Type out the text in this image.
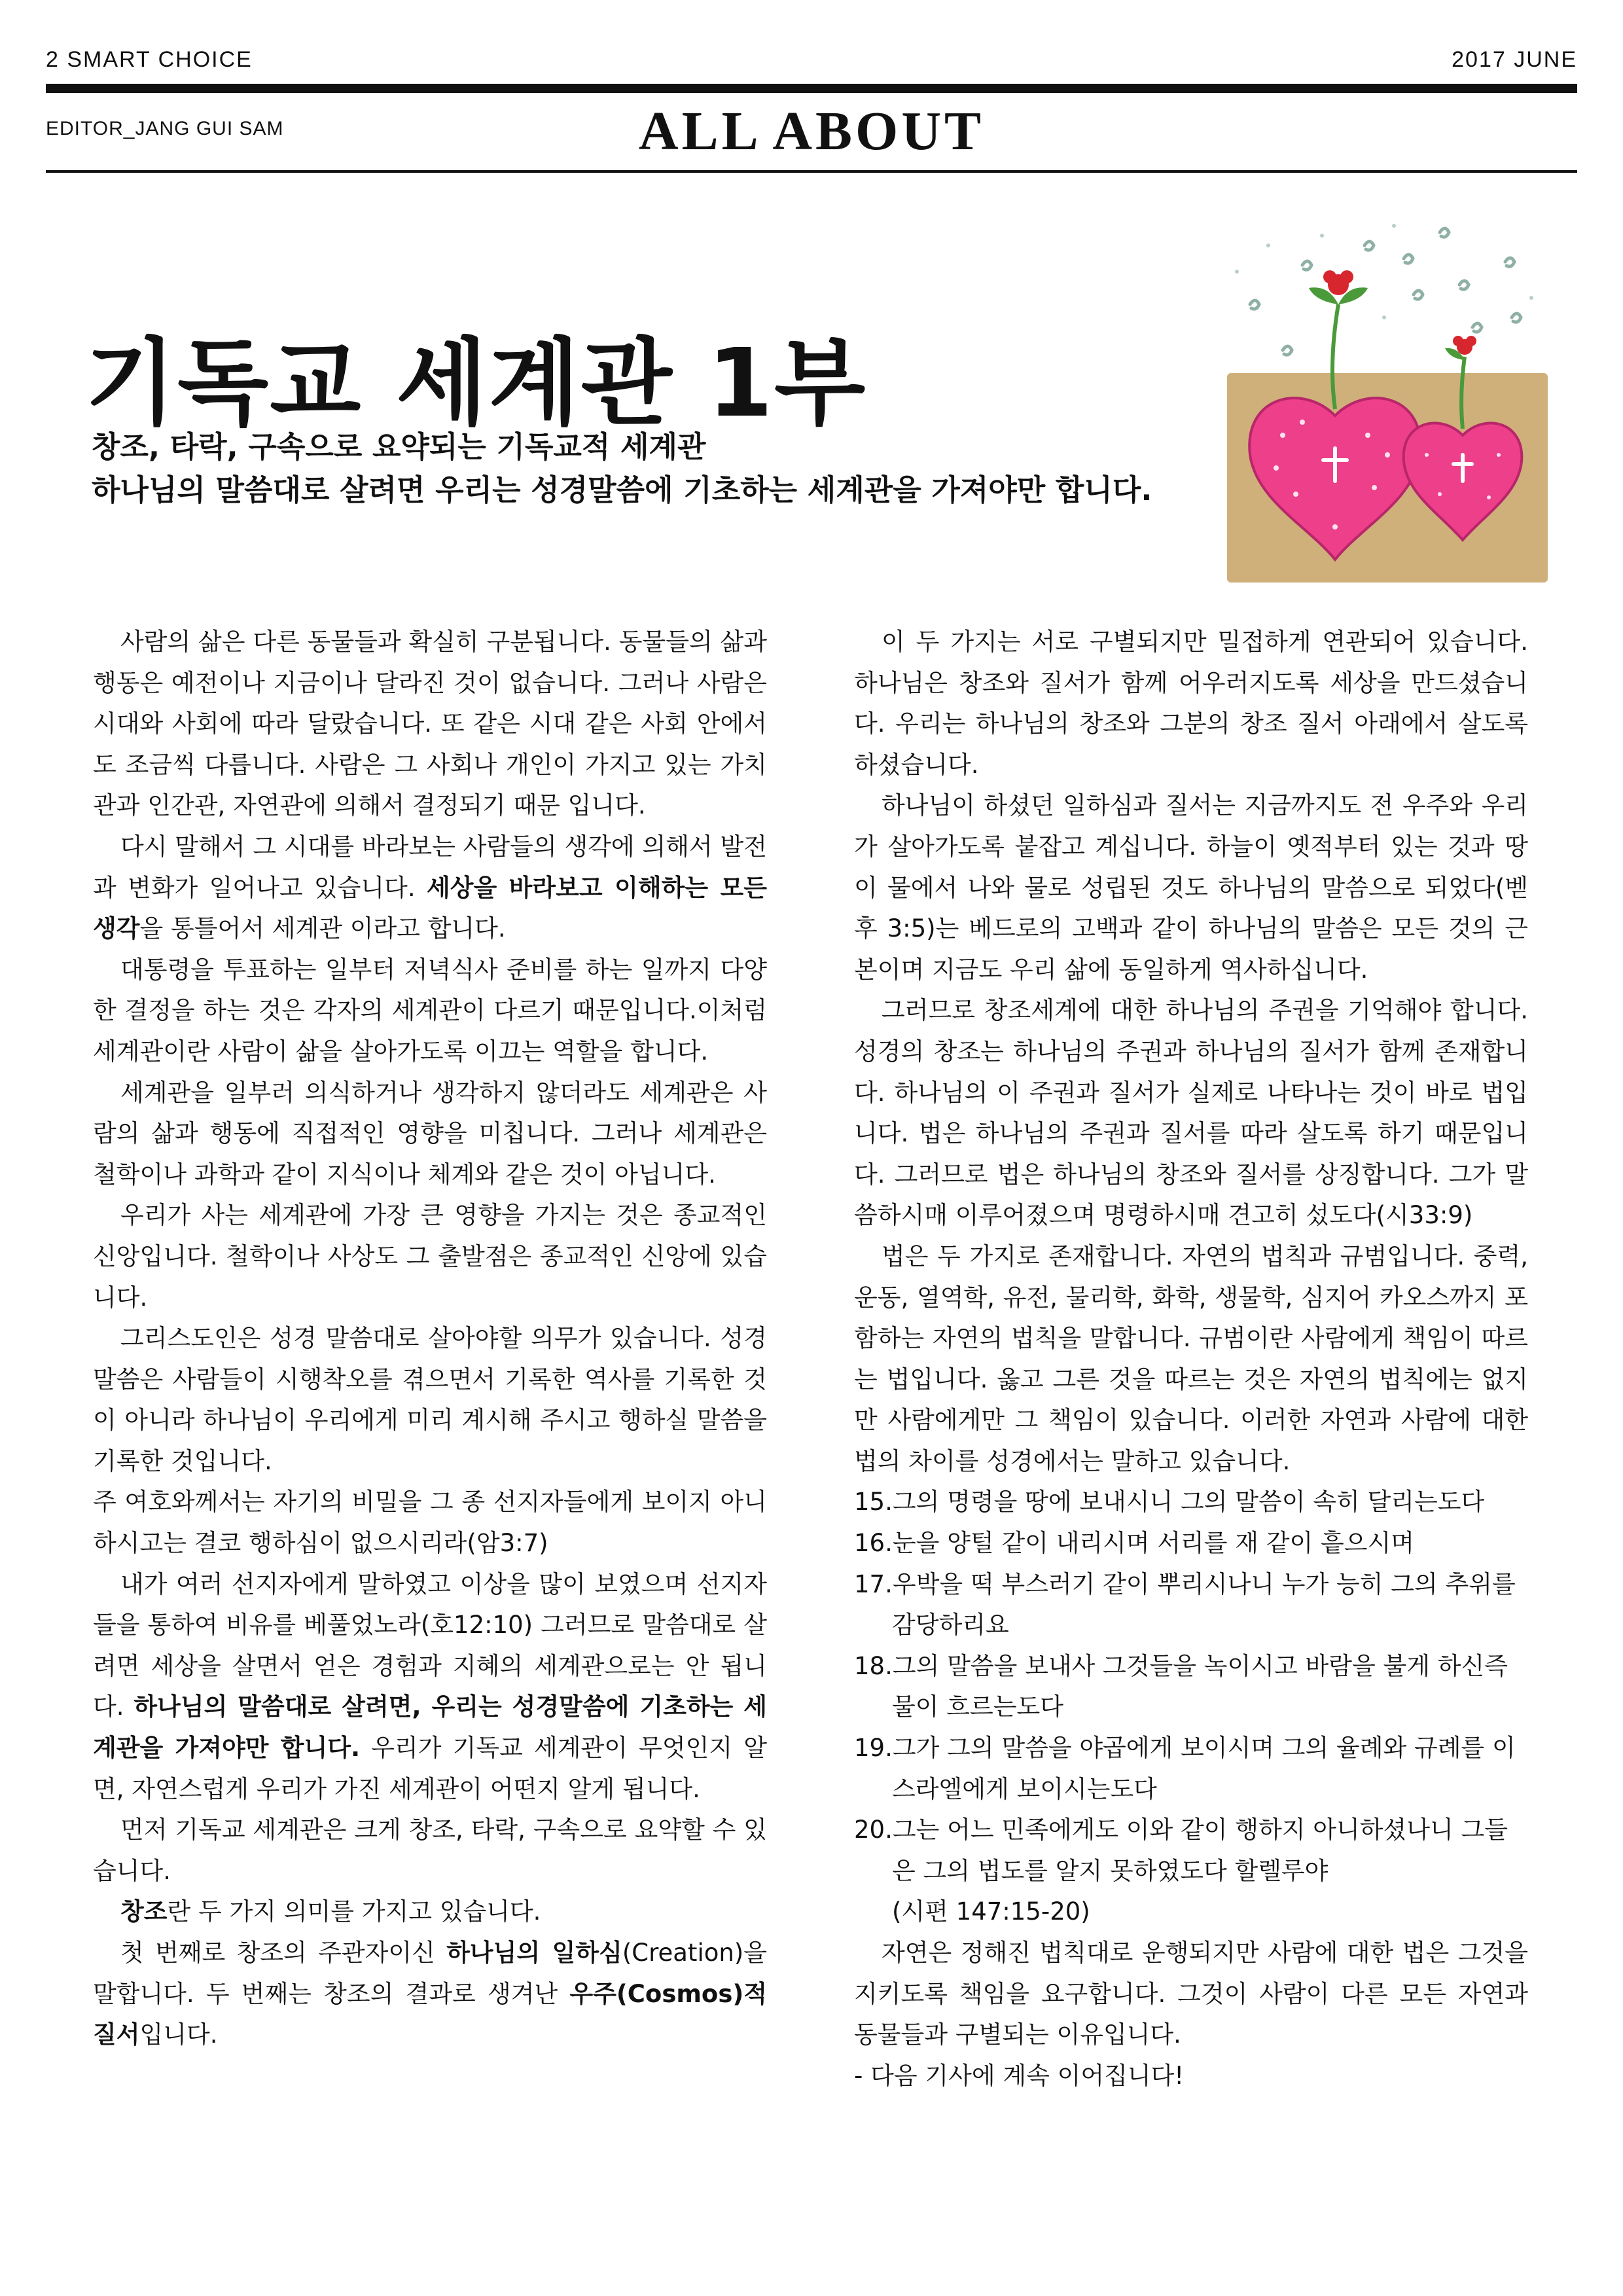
2 SMART CHOICE	2017 JUNE
EDITOR_JANG GUI SAM	ALL ABOUT
기독교 세계관 1부
창조, 타락, 구속으로 요약되는 기독교적 세계관
하나님의 말씀대로 살려면 우리는 성경말씀에 기초하는 세계관을 가져야만 합니다.

사람의 삶은 다른 동물들과 확실히 구분됩니다. 동물들의 삶과 행동은 예전이나 지금이나 달라진 것이 없습니다. 그러나 사람은 시대와 사회에 따라 달랐습니다. 또 같은 시대 같은 사회 안에서도 조금씩 다릅니다. 사람은 그 사회나 개인이 가지고 있는 가치관과 인간관, 자연관에 의해서 결정되기 때문 입니다.

다시 말해서 그 시대를 바라보는 사람들의 생각에 의해서 발전과 변화가 일어나고 있습니다. 세상을 바라보고 이해하는 모든 생각을 통틀어서 세계관 이라고 합니다.

대통령을 투표하는 일부터 저녁식사 준비를 하는 일까지 다양한 결정을 하는 것은 각자의 세계관이 다르기 때문입니다.이처럼 세계관이란 사람이 삶을 살아가도록 이끄는 역할을 합니다.

세계관을 일부러 의식하거나 생각하지 않더라도 세계관은 사람의 삶과 행동에 직접적인 영향을 미칩니다. 그러나 세계관은 철학이나 과학과 같이 지식이나 체계와 같은 것이 아닙니다.

우리가 사는 세계관에 가장 큰 영향을 가지는 것은 종교적인 신앙입니다. 철학이나 사상도 그 출발점은 종교적인 신앙에 있습니다.

그리스도인은 성경 말씀대로 살아야할 의무가 있습니다. 성경말씀은 사람들이 시행착오를 겪으면서 기록한 역사를 기록한 것이 아니라 하나님이 우리에게 미리 계시해 주시고 행하실 말씀을 기록한 것입니다.

주 여호와께서는 자기의 비밀을 그 종 선지자들에게 보이지 아니하시고는 결코 행하심이 없으시리라(암3:7)

내가 여러 선지자에게 말하였고 이상을 많이 보였으며 선지자들을 통하여 비유를 베풀었노라(호12:10) 그러므로 말씀대로 살려면 세상을 살면서 얻은 경험과 지혜의 세계관으로는 안 됩니다. 하나님의 말씀대로 살려면, 우리는 성경말씀에 기초하는 세계관을 가져야만 합니다. 우리가 기독교 세계관이 무엇인지 알면, 자연스럽게 우리가 가진 세계관이 어떤지 알게 됩니다.

먼저 기독교 세계관은 크게 창조, 타락, 구속으로 요약할 수 있습니다.

창조란 두 가지 의미를 가지고 있습니다.

첫 번째로 창조의 주관자이신 하나님의 일하심(Creation)을 말합니다. 두 번째는 창조의 결과로 생겨난 우주(Cosmos)적 질서입니다.

이 두 가지는 서로 구별되지만 밀접하게 연관되어 있습니다. 하나님은 창조와 질서가 함께 어우러지도록 세상을 만드셨습니다. 우리는 하나님의 창조와 그분의 창조 질서 아래에서 살도록 하셨습니다.

하나님이 하셨던 일하심과 질서는 지금까지도 전 우주와 우리가 살아가도록 붙잡고 계십니다. 하늘이 옛적부터 있는 것과 땅이 물에서 나와 물로 성립된 것도 하나님의 말씀으로 되었다(벧후 3:5)는 베드로의 고백과 같이 하나님의 말씀은 모든 것의 근본이며 지금도 우리 삶에 동일하게 역사하십니다.

그러므로 창조세계에 대한 하나님의 주권을 기억해야 합니다. 성경의 창조는 하나님의 주권과 하나님의 질서가 함께 존재합니다. 하나님의 이 주권과 질서가 실제로 나타나는 것이 바로 법입니다. 법은 하나님의 주권과 질서를 따라 살도록 하기 때문입니다. 그러므로 법은 하나님의 창조와 질서를 상징합니다. 그가 말씀하시매 이루어졌으며 명령하시매 견고히 섰도다(시33:9)

법은 두 가지로 존재합니다. 자연의 법칙과 규범입니다. 중력, 운동, 열역학, 유전, 물리학, 화학, 생물학, 심지어 카오스까지 포함하는 자연의 법칙을 말합니다. 규범이란 사람에게 책임이 따르는 법입니다. 옳고 그른 것을 따르는 것은 자연의 법칙에는 없지만 사람에게만 그 책임이 있습니다. 이러한 자연과 사람에 대한 법의 차이를 성경에서는 말하고 있습니다.

15.그의 명령을 땅에 보내시니 그의 말씀이 속히 달리는도다

16.눈을 양털 같이 내리시며 서리를 재 같이 흩으시며

17.우박을 떡 부스러기 같이 뿌리시나니 누가 능히 그의 추위를 감당하리요

18.그의 말씀을 보내사 그것들을 녹이시고 바람을 불게 하신즉 물이 흐르는도다

19.그가 그의 말씀을 야곱에게 보이시며 그의 율례와 규례를 이스라엘에게 보이시는도다

20.그는 어느 민족에게도 이와 같이 행하지 아니하셨나니 그들은 그의 법도를 알지 못하였도다 할렐루야

(시편 147:15-20)

자연은 정해진 법칙대로 운행되지만 사람에 대한 법은 그것을 지키도록 책임을 요구합니다. 그것이 사람이 다른 모든 자연과 동물들과 구별되는 이유입니다.

- 다음 기사에 계속 이어집니다!
